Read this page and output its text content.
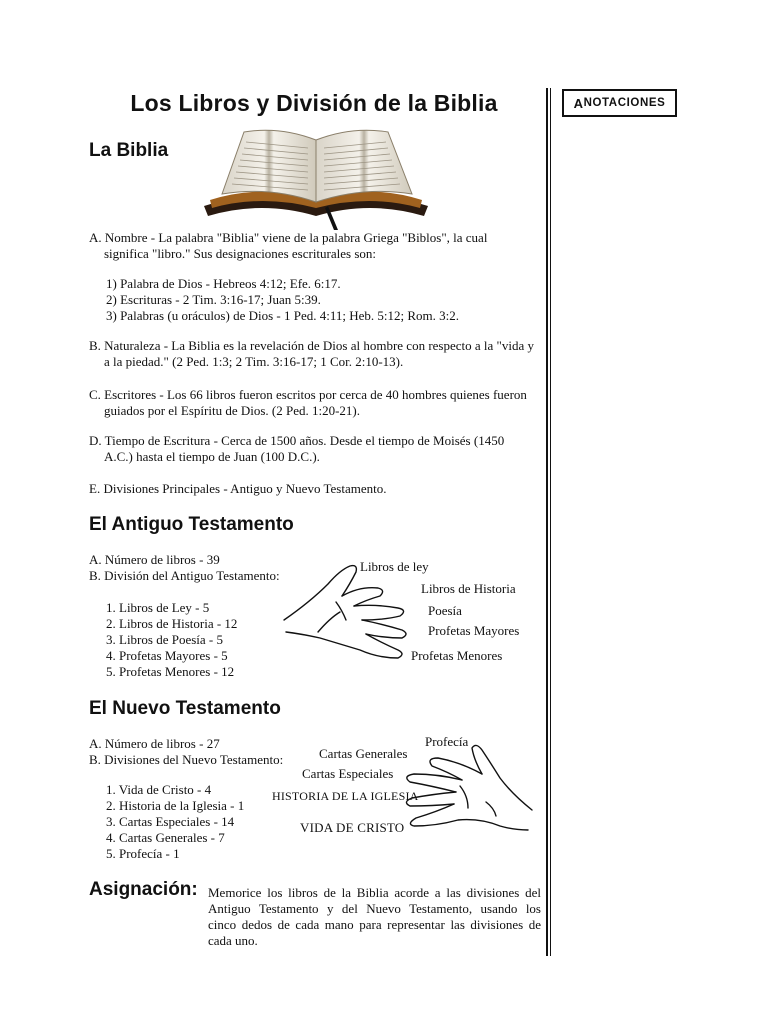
Los Libros y División de la Biblia	A NOTACIONES
La Biblia
A. Nombre - La palabra "Biblia" viene de la palabra Griega "Biblos", la cual
significa "libro." Sus designaciones escriturales son:
1) Palabra de Dios - Hebreos 4:12; Efe. 6:17.
2) Escrituras - 2 Tim. 3:16-17; Juan 5:39.
3) Palabras (u oráculos) de Dios - 1 Ped. 4:11; Heb. 5:12; Rom. 3:2.
B. Naturaleza - La Biblia es la revelación de Dios al hombre con respecto a la "vida y
a la piedad." (2 Ped. 1:3; 2 Tim. 3:16-17; 1 Cor. 2:10-13).
C. Escritores - Los 66 libros fueron escritos por cerca de 40 hombres quienes fueron
guiados por el Espíritu de Dios. (2 Ped. 1:20-21).
D. Tiempo de Escritura - Cerca de 1500 años. Desde el tiempo de Moisés (1450
A.C.) hasta el tiempo de Juan (100 D.C.).
E. Divisiones Principales - Antiguo y Nuevo Testamento.
El Antiguo Testamento
A. Número de libros - 39
B. División del Antiguo Testamento:
1. Libros de Ley - 5
2. Libros de Historia - 12
3. Libros de Poesía - 5
4. Profetas Mayores - 5
5. Profetas Menores - 12
Libros de ley
Libros de Historia
Poesía
Profetas Mayores
Profetas Menores
El Nuevo Testamento
A. Número de libros - 27
B. Divisiones del Nuevo Testamento:
1. Vida de Cristo - 4
2. Historia de la Iglesia - 1
3. Cartas Especiales - 14
4. Cartas Generales - 7
5. Profecía - 1
Profecía
Cartas Generales
Cartas Especiales
HISTORIA DE LA IGLESIA
VIDA DE CRISTO
Asignación: Memorice los libros de la Biblia acorde a las divisiones del
Antiguo Testamento y del Nuevo Testamento, usando los
cinco dedos de cada mano para representar las divisiones de
cada uno.
